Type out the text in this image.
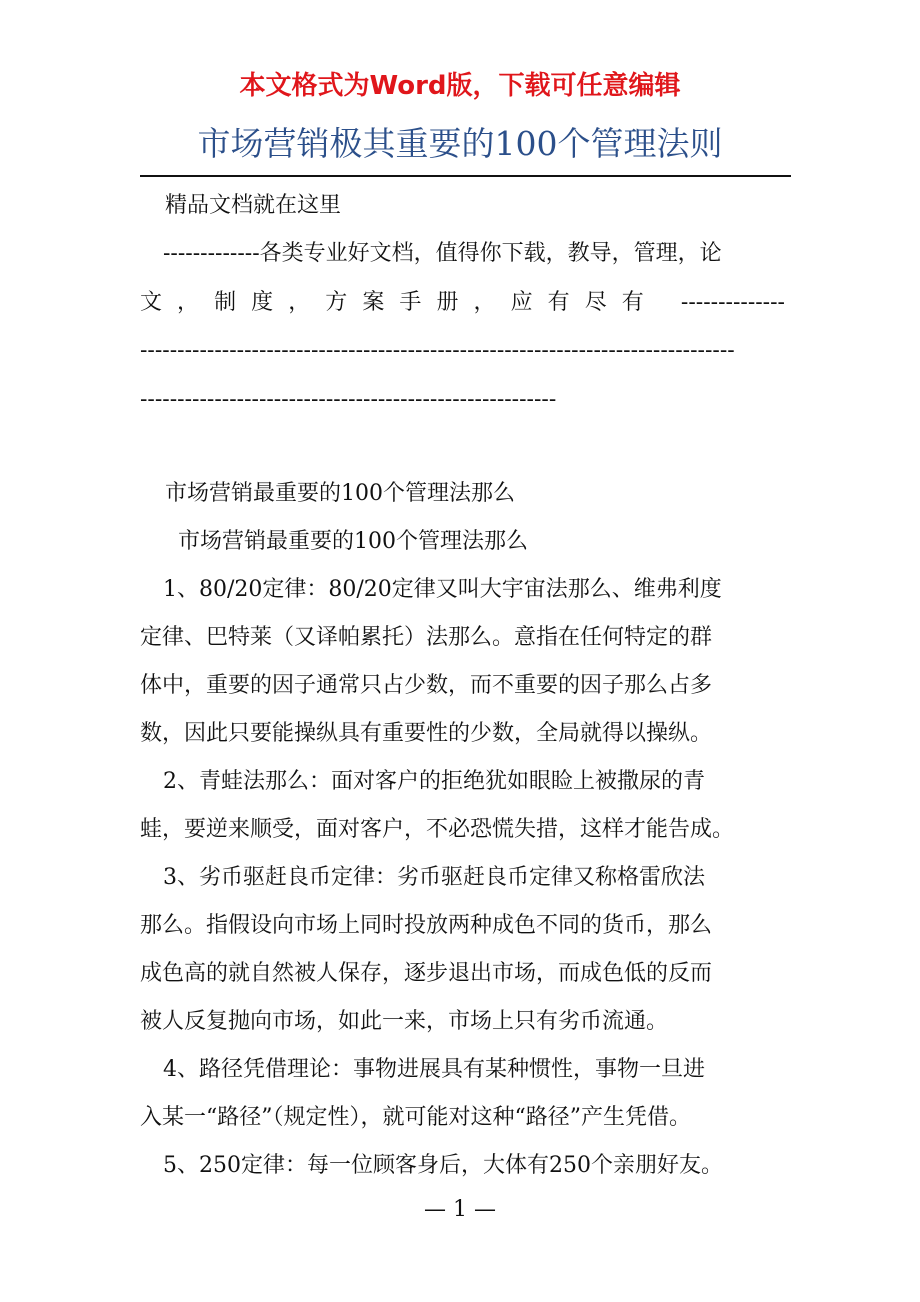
本文格式为Word版，下载可任意编辑
市场营销极其重要的100个管理法则
精品文档就在这里
-------------各类专业好文档，值得你下载，教导，管理，论
文，制度，方案手册，应有尽有 --------------
--------------------------------------------------------------------------------
--------------------------------------------------------
市场营销最重要的100个管理法那么
市场营销最重要的100个管理法那么
1、80/20定律：80/20定律又叫大宇宙法那么、维弗利度
定律、巴特莱（又译帕累托）法那么。意指在任何特定的群
体中，重要的因子通常只占少数，而不重要的因子那么占多
数，因此只要能操纵具有重要性的少数，全局就得以操纵。
2、青蛙法那么：面对客户的拒绝犹如眼睑上被撒尿的青
蛙，要逆来顺受，面对客户，不必恐慌失措，这样才能告成。
3、劣币驱赶良币定律：劣币驱赶良币定律又称格雷欣法
那么。指假设向市场上同时投放两种成色不同的货币，那么
成色高的就自然被人保存，逐步退出市场，而成色低的反而
被人反复抛向市场，如此一来，市场上只有劣币流通。
4、路径凭借理论：事物进展具有某种惯性，事物一旦进
入某一“路径”（规定性），就可能对这种“路径”产生凭借。
5、250定律：每一位顾客身后，大体有250个亲朋好友。
— 1 —
